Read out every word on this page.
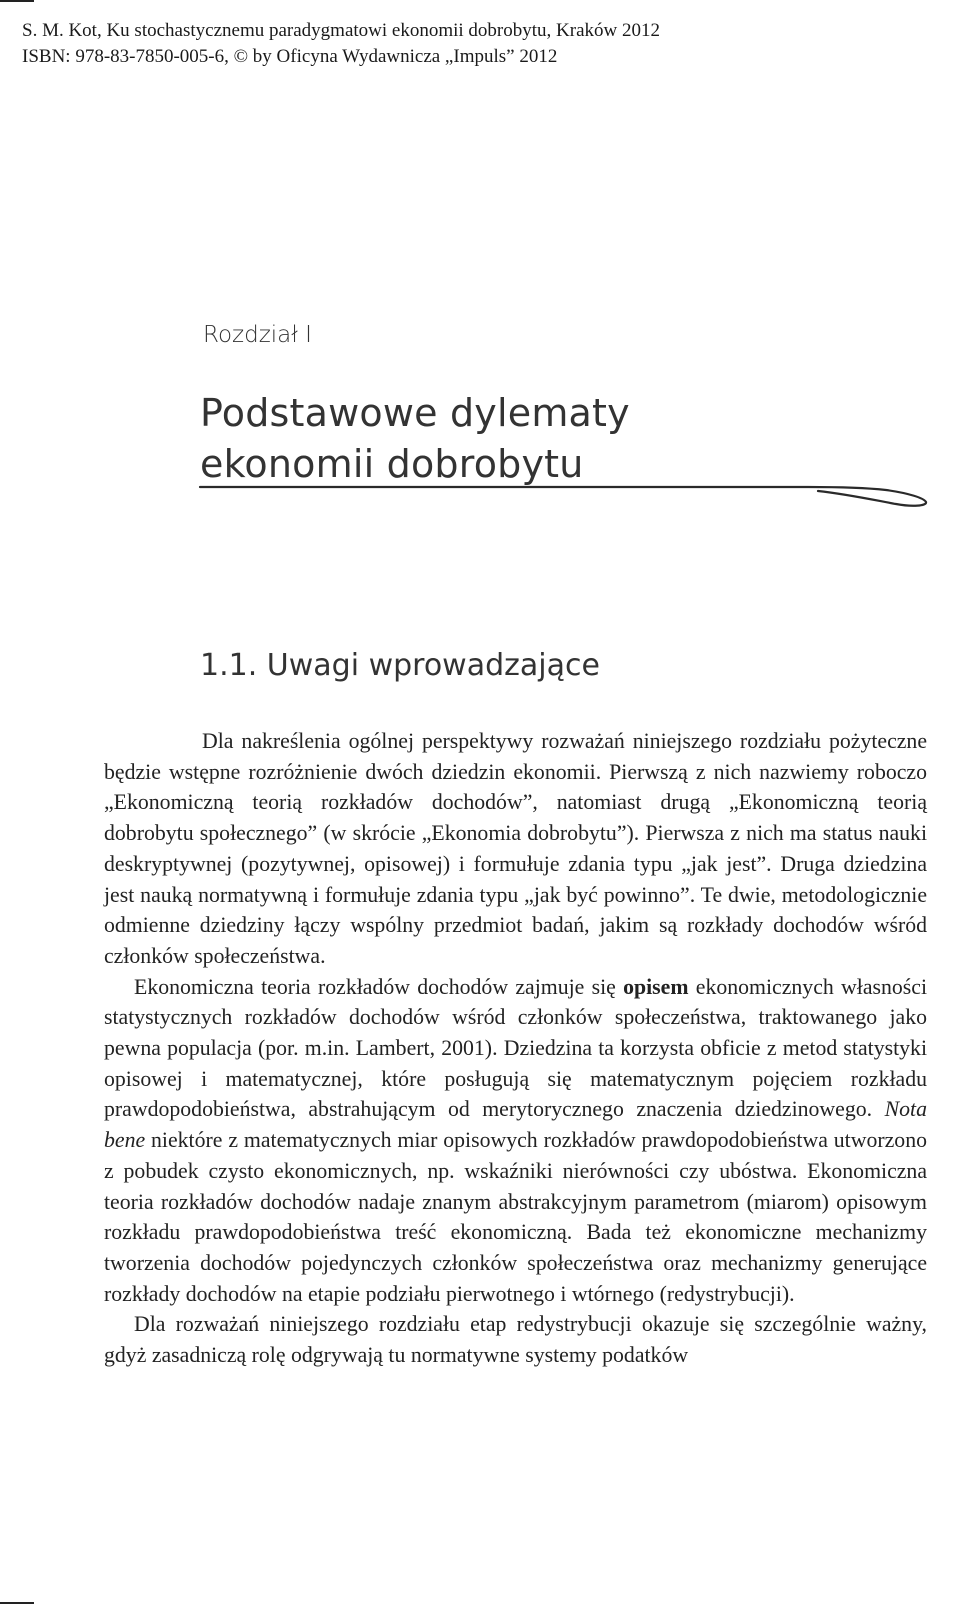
S. M. Kot, Ku stochastycznemu paradygmatowi ekonomii dobrobytu, Kraków 2012
ISBN: 978-83-7850-005-6, © by Oficyna Wydawnicza „Impuls” 2012
Rozdział I
Podstawowe dylematy
ekonomii dobrobytu
1.1. Uwagi wprowadzające

Dla nakreślenia ogólnej perspektywy rozważań niniejszego rozdziału pożyteczne będzie wstępne rozróżnienie dwóch dziedzin ekonomii. Pierwszą z nich nazwiemy roboczo „Ekonomiczną teorią rozkładów dochodów”, natomiast drugą „Ekonomiczną teorią dobrobytu społecznego” (w skrócie „Ekonomia dobrobytu”). Pierwsza z nich ma status nauki deskryptywnej (pozytywnej, opisowej) i formułuje zdania typu „jak jest”. Druga dziedzina jest nauką normatywną i formułuje zdania typu „jak być powinno”. Te dwie, metodologicznie odmienne dziedziny łączy wspólny przedmiot badań, jakim są rozkłady dochodów wśród członków społeczeństwa.

Ekonomiczna teoria rozkładów dochodów zajmuje się opisem ekonomicznych własności statystycznych rozkładów dochodów wśród członków społeczeństwa, traktowanego jako pewna populacja (por. m.in. Lambert, 2001). Dziedzina ta korzysta obficie z metod statystyki opisowej i matematycznej, które posługują się matematycznym pojęciem rozkładu prawdopodobieństwa, abstrahującym od merytorycznego znaczenia dziedzinowego. Nota bene niektóre z matematycznych miar opisowych rozkładów prawdopodobieństwa utworzono z pobudek czysto ekonomicznych, np. wskaźniki nierówności czy ubóstwa. Ekonomiczna teoria rozkładów dochodów nadaje znanym abstrakcyjnym parametrom (miarom) opisowym rozkładu prawdopodobieństwa treść ekonomiczną. Bada też ekonomiczne mechanizmy tworzenia dochodów pojedynczych członków społeczeństwa oraz mechanizmy generujące rozkłady dochodów na etapie podziału pierwotnego i wtórnego (redystrybucji).

Dla rozważań niniejszego rozdziału etap redystrybucji okazuje się szczególnie ważny, gdyż zasadniczą rolę odgrywają tu normatywne systemy podatków
